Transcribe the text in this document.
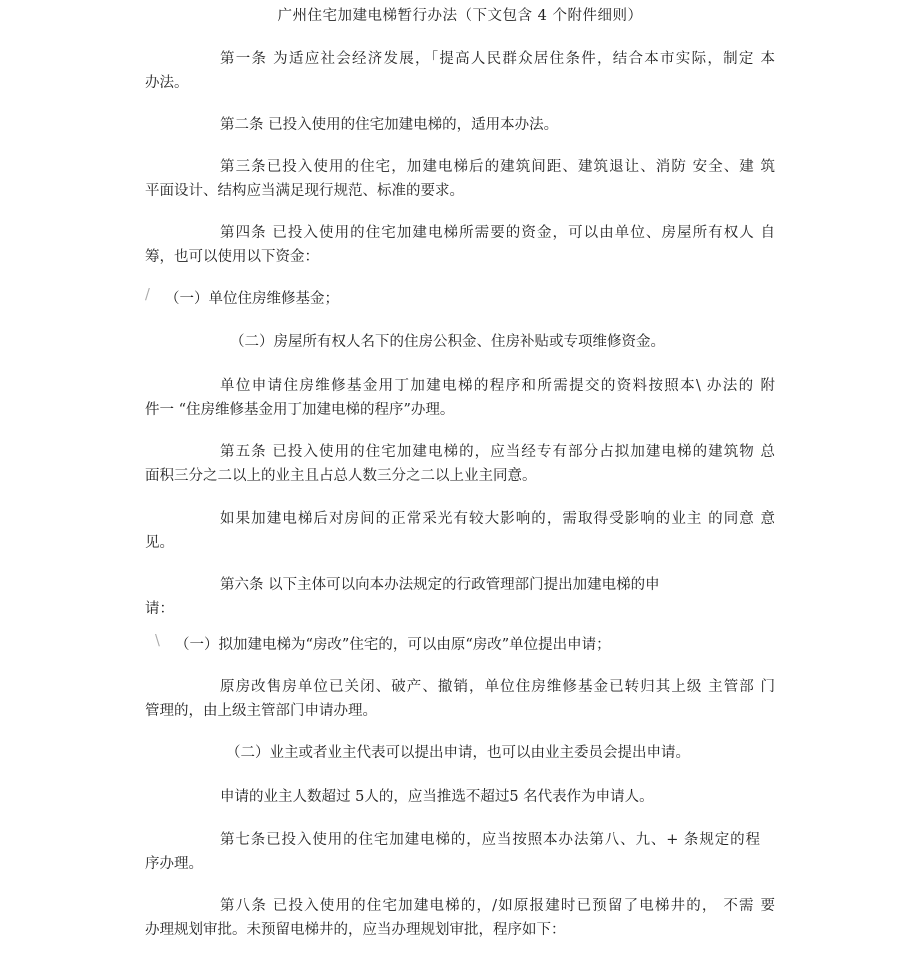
广州住宅加建电梯暂行办法（下文包含 4 个附件细则）
第一条 为适应社会经济发展，「提高人民群众居住条件，结合本市实际，制定 本
办法。
第二条 已投入使用的住宅加建电梯的，适用本办法。
第三条已投入使用的住宅，加建电梯后的建筑间距、建筑退让、消防 安全、建 筑
平面设计、结构应当满足现行规范、标准的要求。
第四条 已投入使用的住宅加建电梯所需要的资金，可以由单位、房屋所有权人 自
筹，也可以使用以下资金：
/ （一）单位住房维修基金；
（二）房屋所有权人名下的住房公积金、住房补贴或专项维修资金。
单位申请住房维修基金用丁加建电梯的程序和所需提交的资料按照本\ 办法的 附
件一 “住房维修基金用丁加建电梯的程序”办理。
第五条 已投入使用的住宅加建电梯的，应当经专有部分占拟加建电梯的建筑物 总
面积三分之二以上的业主且占总人数三分之二以上业主同意。
如果加建电梯后对房间的正常采光有较大影响的，需取得受影响的业主 的同意 意
见。
第六条 以下主体可以向本办法规定的行政管理部门提出加建电梯的申
请：
\ （一）拟加建电梯为“房改”住宅的，可以由原“房改”单位提出申请；
原房改售房单位已关闭、破产、撤销，单位住房维修基金已转归其上级 主管部 门
管理的，由上级主管部门申请办理。
（二）业主或者业主代表可以提出申请，也可以由业主委员会提出申请。
申请的业主人数超过 5人的，应当推选不超过5 名代表作为申请人。
第七条已投入使用的住宅加建电梯的，应当按照本办法第八、九、+ 条规定的程
序办理。
第八条 已投入使用的住宅加建电梯的，/如原报建时已预留了电梯井的， 不需 要
办理规划审批。未预留电梯井的，应当办理规划审批，程序如下：
